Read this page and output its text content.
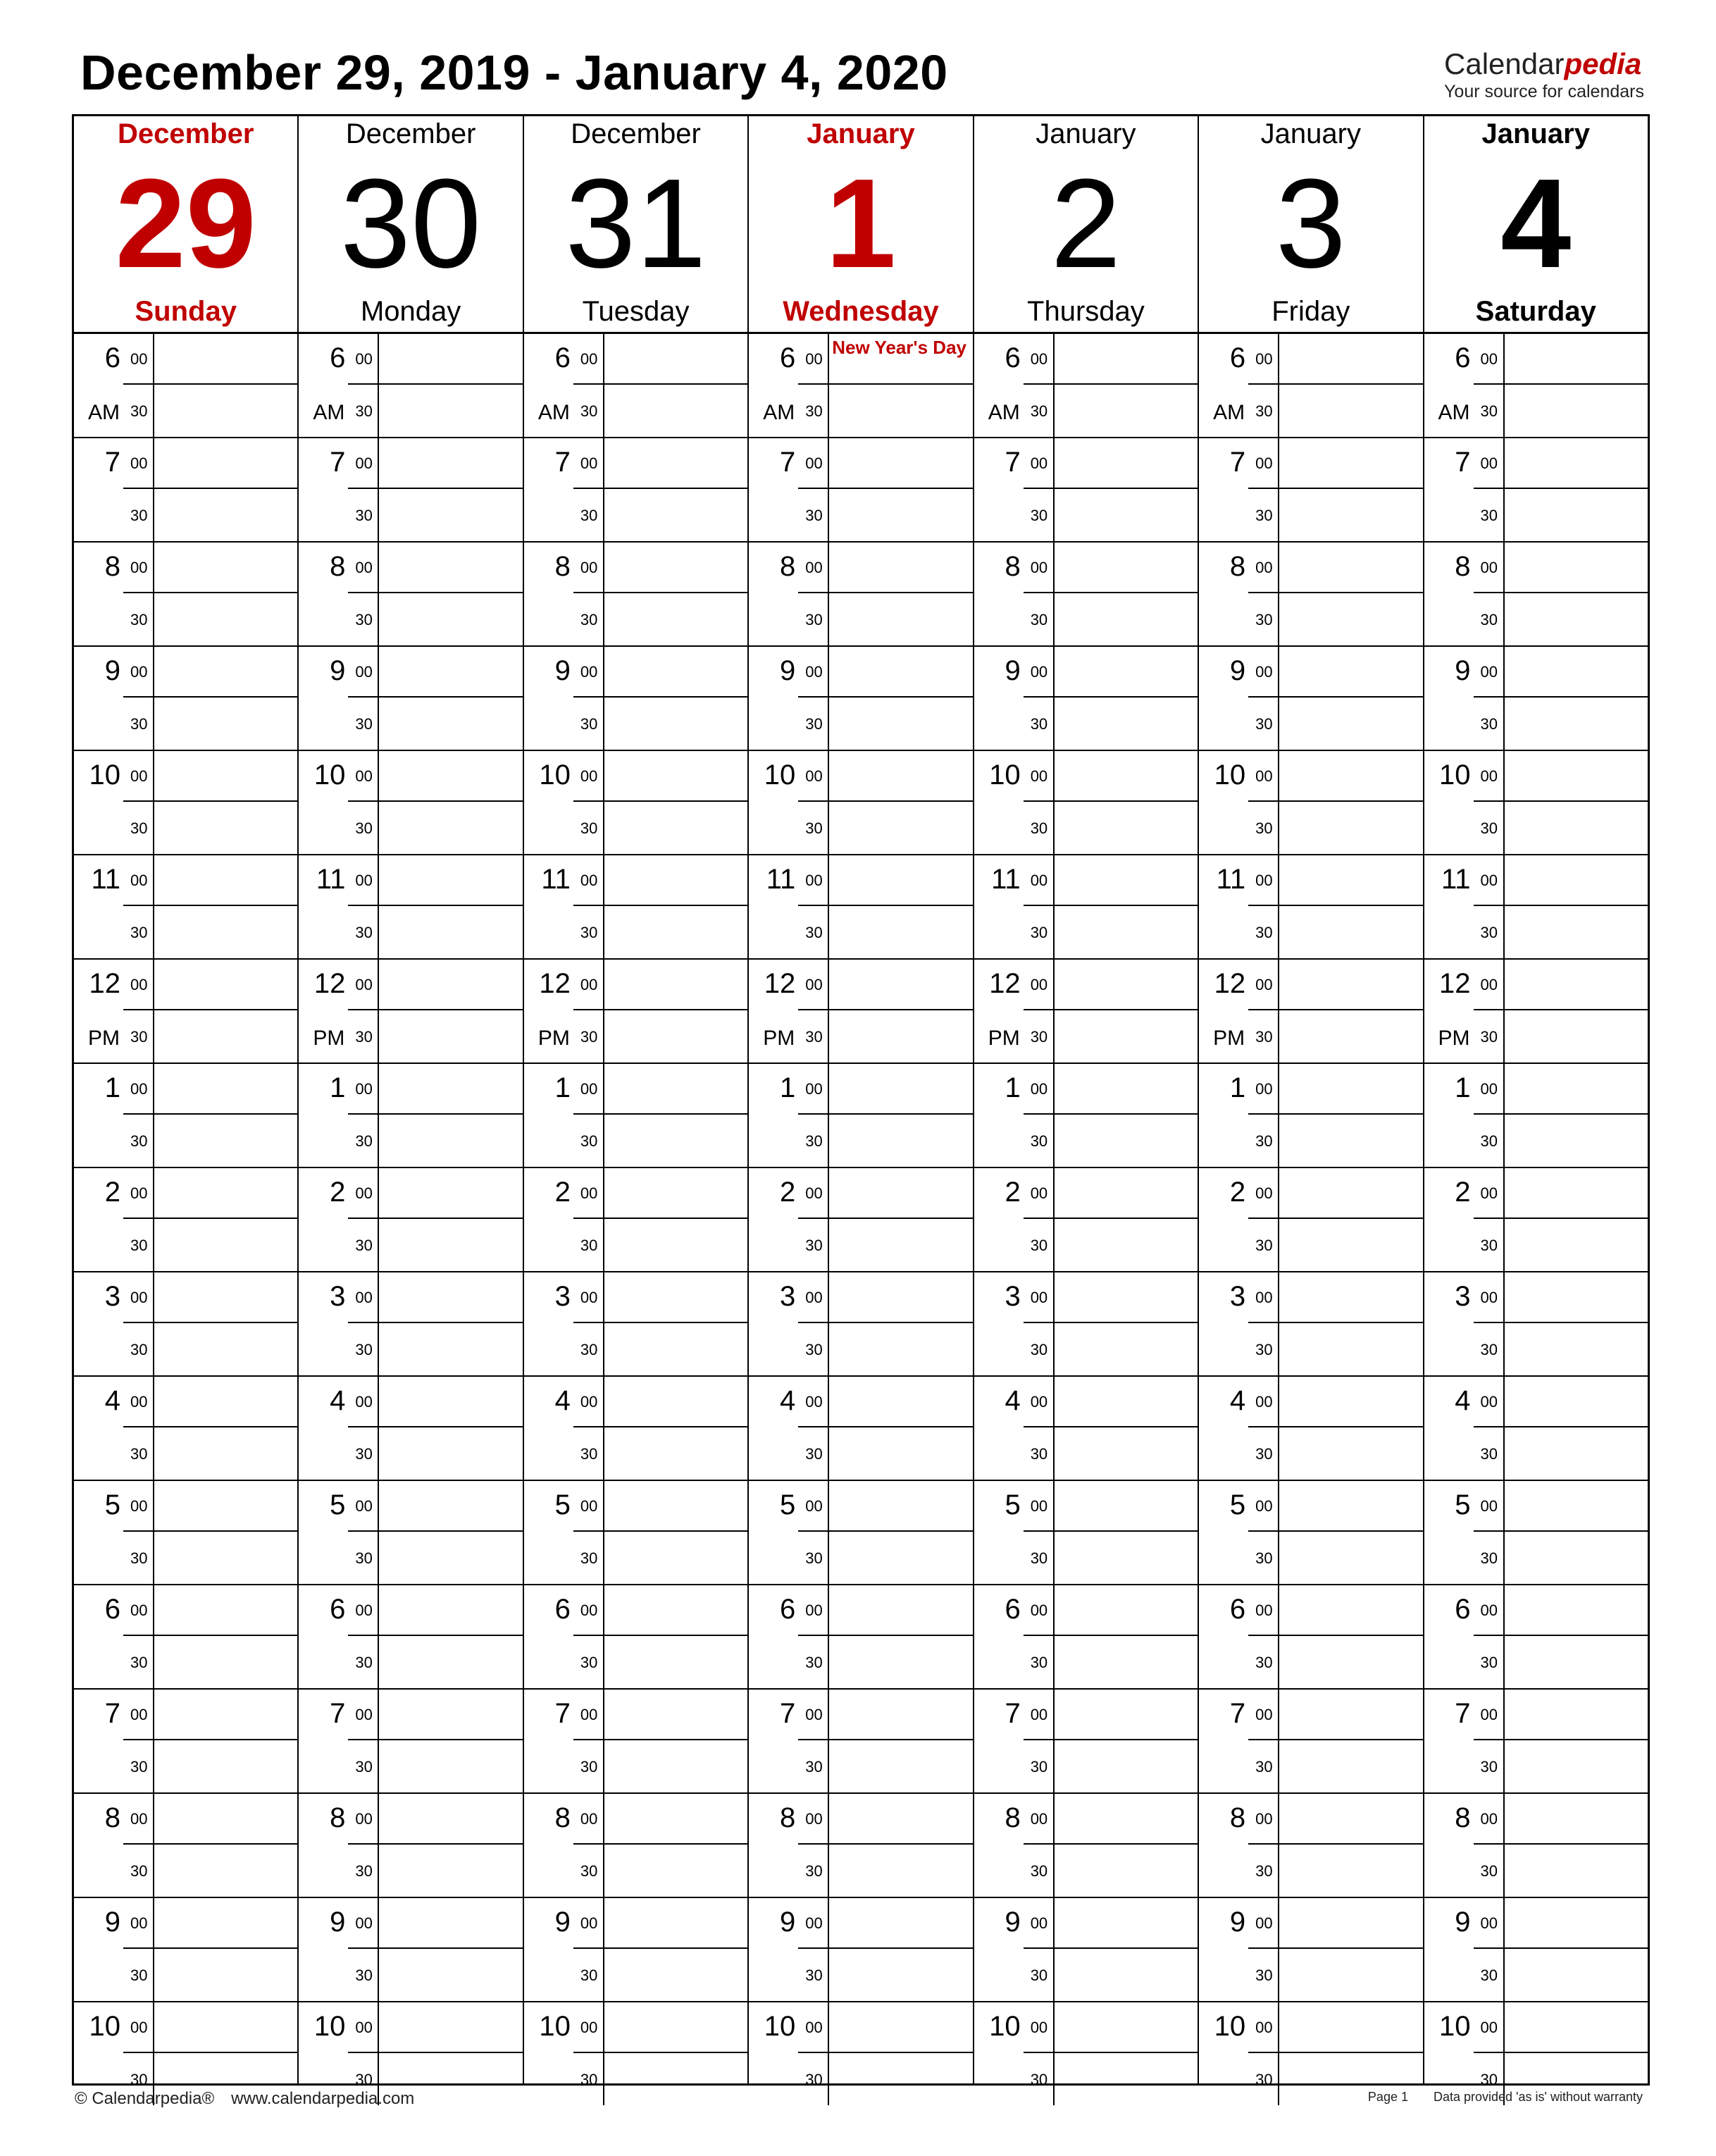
December 29, 2019 - January 4, 2020	Calendarpedia
Your source for calendars
December
29
Sunday
6 00
30
AM
7 00
30
8 00
30
9 00
30
10 00
30
11 00
30
12 00
30
PM
1 00
30
2 00
30
3 00
30
4 00
30
5 00
30
6 00
30
7 00
30
8 00
30
9 00
30
10 00
30
December
30
Monday
6 00
30
AM
7 00
30
8 00
30
9 00
30
10 00
30
11 00
30
12 00
30
PM
1 00
30
2 00
30
3 00
30
4 00
30
5 00
30
6 00
30
7 00
30
8 00
30
9 00
30
10 00
30
December
31
Tuesday
6 00
30
AM
7 00
30
8 00
30
9 00
30
10 00
30
11 00
30
12 00
30
PM
1 00
30
2 00
30
3 00
30
4 00
30
5 00
30
6 00
30
7 00
30
8 00
30
9 00
30
10 00
30
January
1
Wednesday
6 00
30
AM
New Year's Day
7 00
30
8 00
30
9 00
30
10 00
30
11 00
30
12 00
30
PM
1 00
30
2 00
30
3 00
30
4 00
30
5 00
30
6 00
30
7 00
30
8 00
30
9 00
30
10 00
30
January
2
Thursday
6 00
30
AM
7 00
30
8 00
30
9 00
30
10 00
30
11 00
30
12 00
30
PM
1 00
30
2 00
30
3 00
30
4 00
30
5 00
30
6 00
30
7 00
30
8 00
30
9 00
30
10 00
30
January
3
Friday
6 00
30
AM
7 00
30
8 00
30
9 00
30
10 00
30
11 00
30
12 00
30
PM
1 00
30
2 00
30
3 00
30
4 00
30
5 00
30
6 00
30
7 00
30
8 00
30
9 00
30
10 00
30
January
4
Saturday
6 00
30
AM
7 00
30
8 00
30
9 00
30
10 00
30
11 00
30
12 00
30
PM
1 00
30
2 00
30
3 00
30
4 00
30
5 00
30
6 00
30
7 00
30
8 00
30
9 00
30
10 00
30
© Calendarpedia® www.calendarpedia.com	Page 1 Data provided 'as is' without warranty
